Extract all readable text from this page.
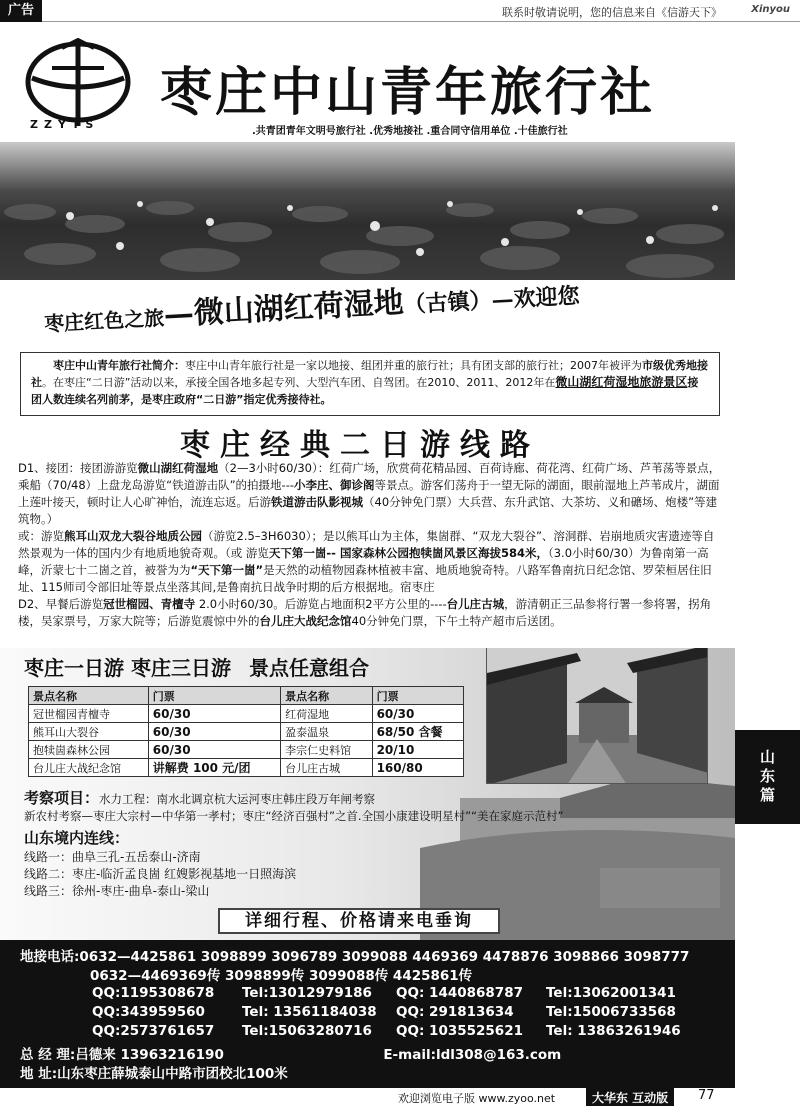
广告	联系时敬请说明，您的信息来自《信游天下》	Xinyou
ZZYTS
枣庄中山青年旅行社
.共青团青年文明号旅行社 .优秀地接社 .重合同守信用单位 .十佳旅行社
枣庄红色之旅—微山湖红荷湿地（古镇）—欢迎您
枣庄中山青年旅行社简介：枣庄中山青年旅行社是一家以地接、组团并重的旅行社；具有团支部的旅行社；2007年被评为市级优秀地接社。在枣庄“二日游”活动以来，承接全国各地多起专列、大型汽车团、自驾团。在2010、2011、2012年在微山湖红荷湿地旅游景区接团人数连续名列前茅，是枣庄政府“二日游”指定优秀接待社。
枣庄经典二日游线路

D1、接团：接团游游览微山湖红荷湿地（2—3小时60/30）：红荷广场，欣赏荷花精品园、百荷诗廊、荷花湾、红荷广场、芦苇荡等景点，乘船（70/48）上盘龙岛游览“铁道游击队”的拍摄地---小李庄、御诊阁等景点。游客们荡舟于一望无际的湖面，眼前湿地上芦苇成片，湖面上莲叶接天，顿时让人心旷神怡，流连忘返。后游铁道游击队影视城（40分钟免门票）大兵营、东升武馆、大茶坊、义和礳场、炮楼”等建筑物。）

或：游览熊耳山双龙大裂谷地质公园（游览2.5–3H6030）；是以熊耳山为主体，集崮群、“双龙大裂谷”、溶洞群、岩崩地质灾害遗迹等自然景观为一体的国内少有地质地貌奇观。（或 游览天下第一崮-- 国家森林公园抱犊崮风景区海拔584米，（3.0小时60/30）为鲁南第一高峰，沂蒙七十二崮之首，被誉为为“天下第一崮”是天然的动植物园森林植被丰富、地质地貌奇特。八路军鲁南抗日纪念馆、罗荣桓居住旧址、115师司令部旧址等景点坐落其间,是鲁南抗日战争时期的后方根据地。宿枣庄

D2、早餐后游览冠世榴园、青檀寺 2.0小时60/30。后游览占地面积2平方公里的----台儿庄古城，游清朝正三品参将行署一参将署，拐角楼，吴家票号，万家大院等；后游览震惊中外的台儿庄大战纪念馆40分钟免门票，下午土特产超市后送团。

枣庄一日游 枣庄三日游 景点任意组合
景点名称	门票	景点名称	门票
冠世榴园青檀寺	60/30	红荷湿地	60/30
熊耳山大裂谷	60/30	盈泰温泉	68/50 含餐
抱犊崮森林公园	60/30	李宗仁史料馆	20/10
台儿庄大战纪念馆	讲解费 100 元/团	台儿庄古城	160/80
考察项目：水力工程：南水北调京杭大运河枣庄韩庄段万年闸考察
新农村考察—枣庄大宗村—中华第一孝村；枣庄“经济百强村”之首.全国小康建设明星村”“美在家庭示范村”
山东境内连线：
线路一：曲阜三孔-五岳泰山-济南
线路二：枣庄-临沂孟良崮 红嫂影视基地一日照海滨
线路三：徐州-枣庄-曲阜-泰山-梁山
详细行程、价格请来电垂询
山
东
篇
地接电话:0632—4425861 3098899 3096789 3099088 4469369 4478876 3098866 3098777
0632—4469369传 3098899传 3099088传 4425861传
QQ:1195308678 Tel:13012979186 QQ: 1440868787 Tel:13062001341
QQ:343959560	Tel: 13561184038 QQ: 291813634 Tel:15006733568
QQ:2573761657 Tel:15063280716 QQ: 1035525621 Tel: 13863261946
总 经 理:吕德来 13963216190	E-mail:ldl308@163.com
地 址:山东枣庄薛城泰山中路市团校北100米
欢迎浏览电子版 www.zyoo.net	大华东 互动版	77
